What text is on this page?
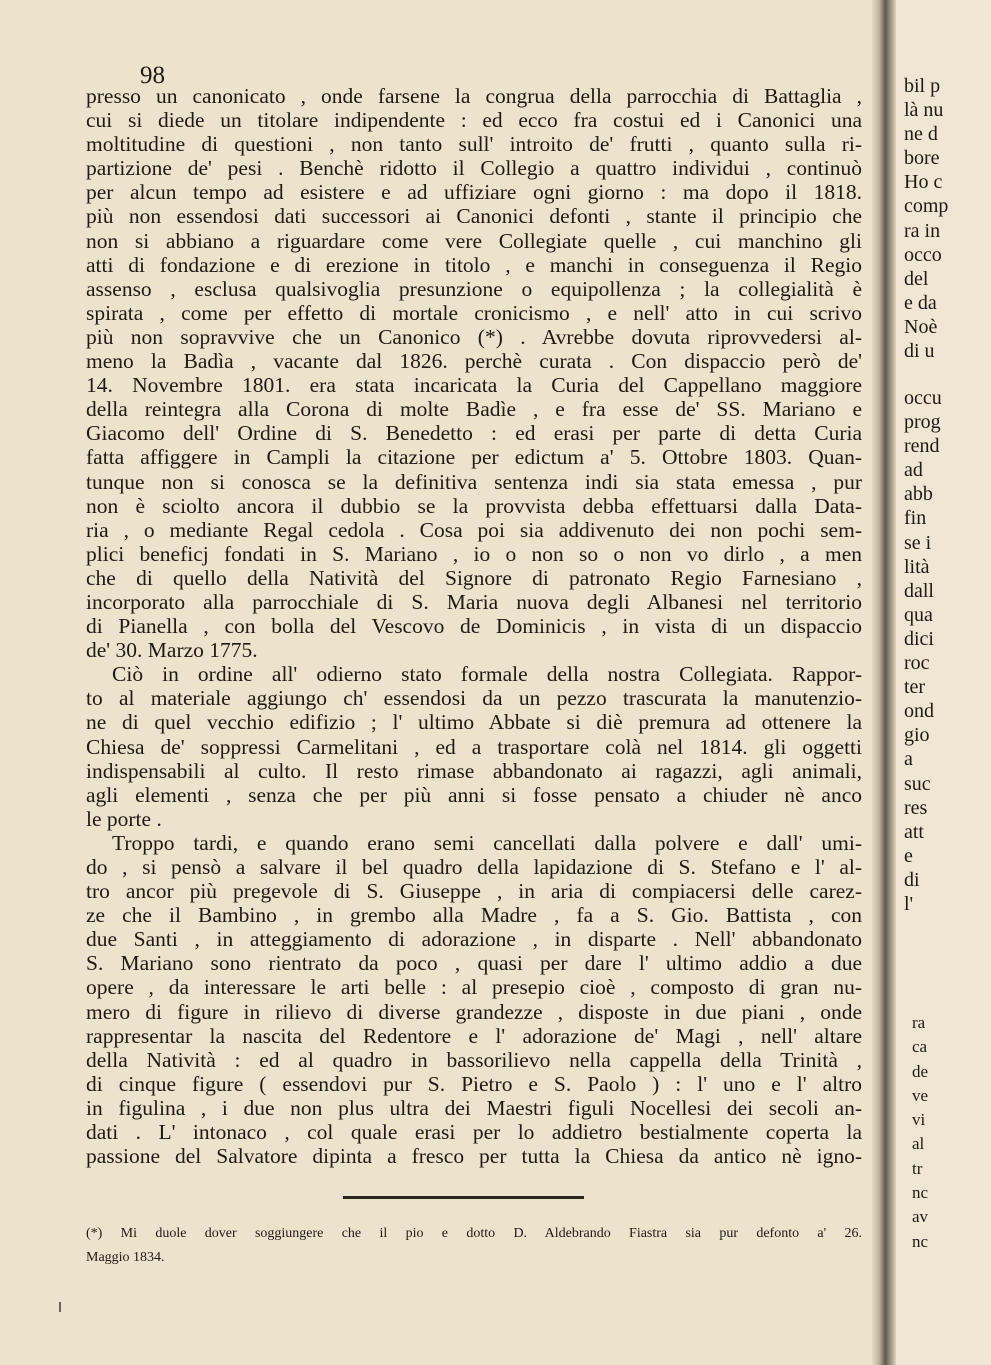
98
presso un canonicato , onde farsene la congrua della parrocchia di Battaglia ,
cui si diede un titolare indipendente : ed ecco fra costui ed i Canonici una
moltitudine di questioni , non tanto sull' introito de' frutti , quanto sulla ri-
partizione de' pesi . Benchè ridotto il Collegio a quattro individui , continuò
per alcun tempo ad esistere e ad uffiziare ogni giorno : ma dopo il 1818.
più non essendosi dati successori ai Canonici defonti , stante il principio che
non si abbiano a riguardare come vere Collegiate quelle , cui manchino gli
atti di fondazione e di erezione in titolo , e manchi in conseguenza il Regio
assenso , esclusa qualsivoglia presunzione o equipollenza ; la collegialità è
spirata , come per effetto di mortale cronicismo , e nell' atto in cui scrivo
più non sopravvive che un Canonico (*) . Avrebbe dovuta riprovvedersi al-
meno la Badìa , vacante dal 1826. perchè curata . Con dispaccio però de'
14. Novembre 1801. era stata incaricata la Curia del Cappellano maggiore
della reintegra alla Corona di molte Badìe , e fra esse de' SS. Mariano e
Giacomo dell' Ordine di S. Benedetto : ed erasi per parte di detta Curia
fatta affiggere in Campli la citazione per edictum a' 5. Ottobre 1803. Quan-
tunque non si conosca se la definitiva sentenza indi sia stata emessa , pur
non è sciolto ancora il dubbio se la provvista debba effettuarsi dalla Data-
ria , o mediante Regal cedola . Cosa poi sia addivenuto dei non pochi sem-
plici beneficj fondati in S. Mariano , io o non so o non vo dirlo , a men
che di quello della Natività del Signore di patronato Regio Farnesiano ,
incorporato alla parrocchiale di S. Maria nuova degli Albanesi nel territorio
di Pianella , con bolla del Vescovo de Dominicis , in vista di un dispaccio
de' 30. Marzo 1775.
Ciò in ordine all' odierno stato formale della nostra Collegiata. Rappor-
to al materiale aggiungo ch' essendosi da un pezzo trascurata la manutenzio-
ne di quel vecchio edifizio ; l' ultimo Abbate si diè premura ad ottenere la
Chiesa de' soppressi Carmelitani , ed a trasportare colà nel 1814. gli oggetti
indispensabili al culto. Il resto rimase abbandonato ai ragazzi, agli animali,
agli elementi , senza che per più anni si fosse pensato a chiuder nè anco
le porte .
Troppo tardi, e quando erano semi cancellati dalla polvere e dall' umi-
do , si pensò a salvare il bel quadro della lapidazione di S. Stefano e l' al-
tro ancor più pregevole di S. Giuseppe , in aria di compiacersi delle carez-
ze che il Bambino , in grembo alla Madre , fa a S. Gio. Battista , con
due Santi , in atteggiamento di adorazione , in disparte . Nell' abbandonato
S. Mariano sono rientrato da poco , quasi per dare l' ultimo addio a due
opere , da interessare le arti belle : al presepio cioè , composto di gran nu-
mero di figure in rilievo di diverse grandezze , disposte in due piani , onde
rappresentar la nascita del Redentore e l' adorazione de' Magi , nell' altare
della Natività : ed al quadro in bassorilievo nella cappella della Trinità ,
di cinque figure ( essendovi pur S. Pietro e S. Paolo ) : l' uno e l' altro
in figulina , i due non plus ultra dei Maestri figuli Nocellesi dei secoli an-
dati . L' intonaco , col quale erasi per lo addietro bestialmente coperta la
passione del Salvatore dipinta a fresco per tutta la Chiesa da antico nè igno-
(*) Mi duole dover soggiungere che il pio e dotto D. Aldebrando Fiastra sia pur defonto a' 26.
Maggio 1834.
bil p
là nu
ne d
bore
Ho c
comp
ra in
occo
del
e da
Noè
di u
occu
prog
rend
ad
abb
fin
se i
lità
dall
qua
dici
roc
ter
ond
gio
a
suc
res
att
e
di
l'
ra
ca
de
ve
vi
al
tr
nc
av
nc
